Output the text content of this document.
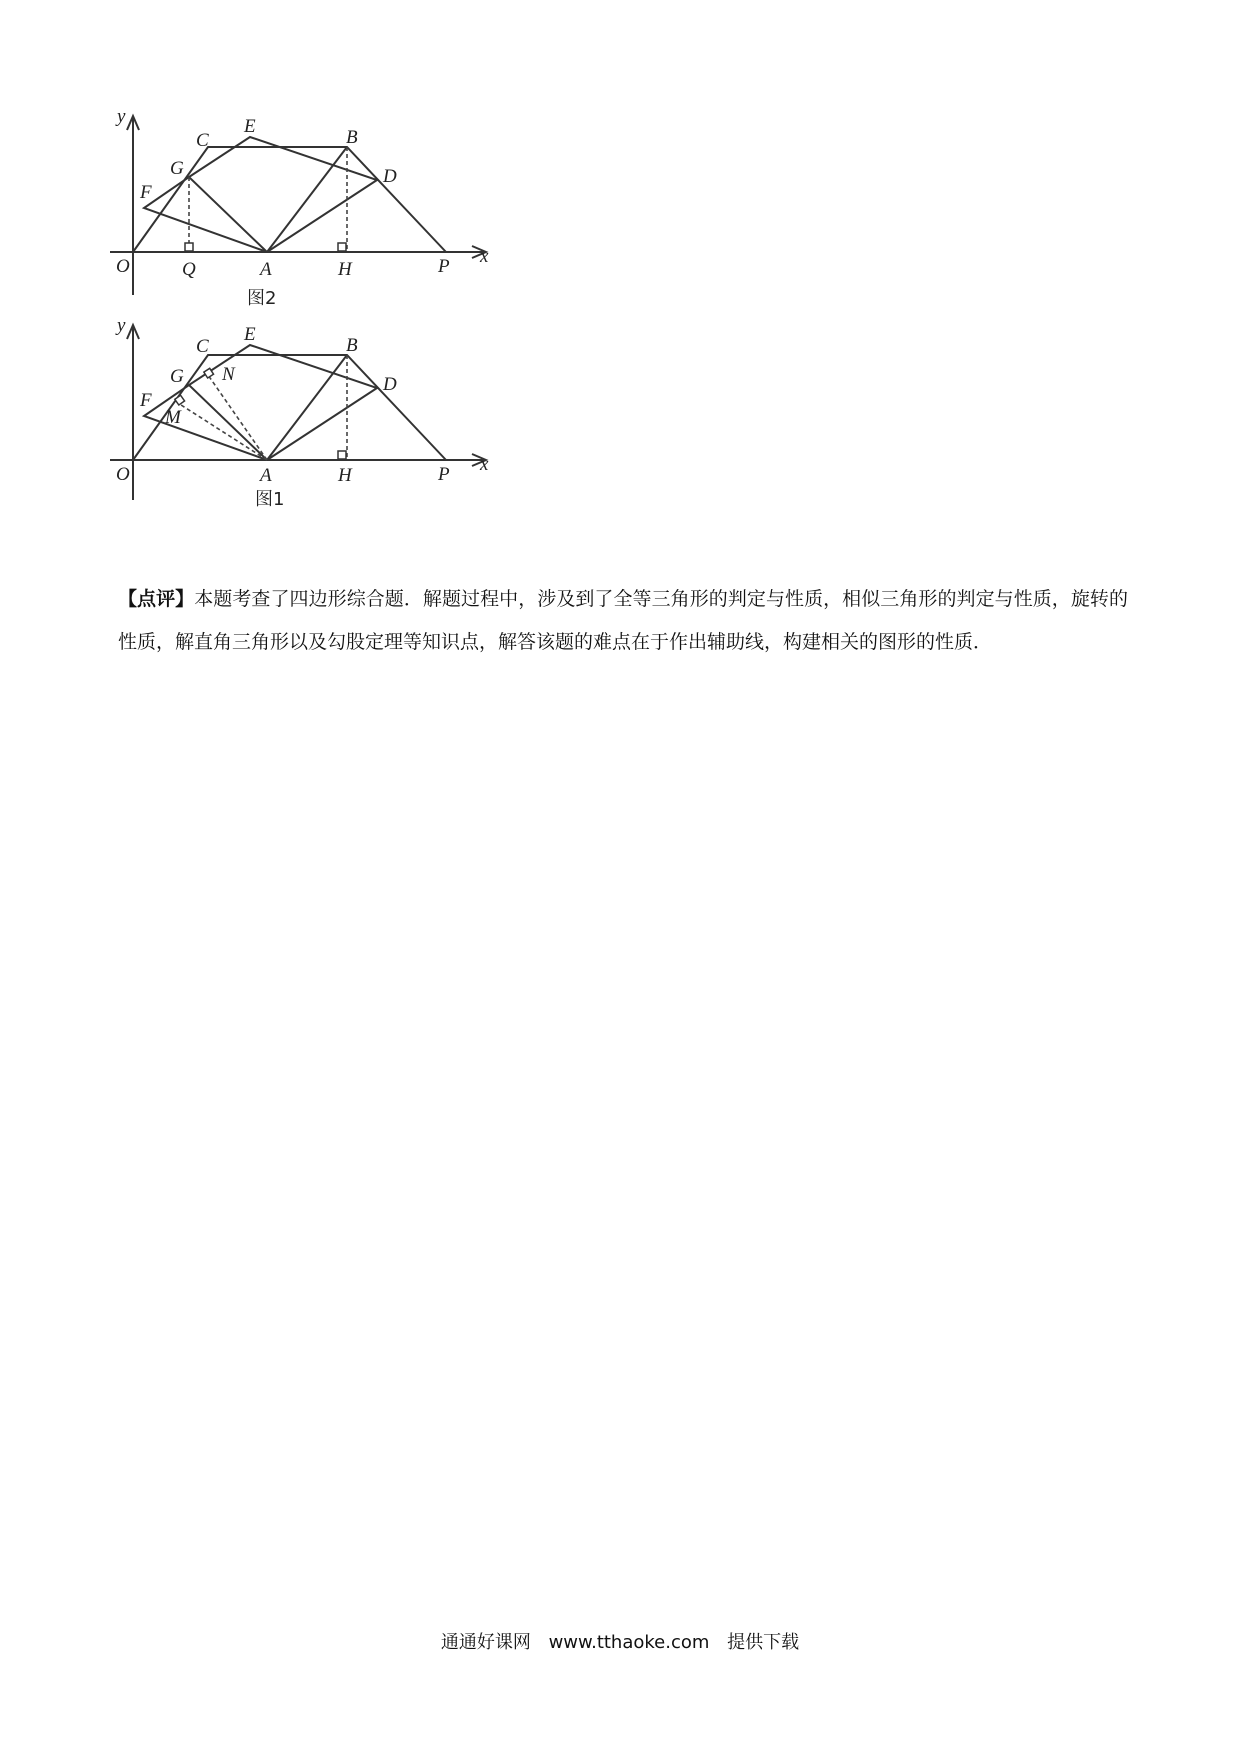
y
x
O
C
E
B
G
F
D
Q	A	H	P
图2
y
x
O
C
E
B
G
F
D
N
M
A	H	P
图1
【点评】本题考查了四边形综合题．解题过程中，涉及到了全等三角形的判定与性质，相似三角形的判定与性质，旋转的性质，解直角三角形以及勾股定理等知识点，解答该题的难点在于作出辅助线，构建相关的图形的性质．
通通好课网 www.tthaoke.com 提供下载
